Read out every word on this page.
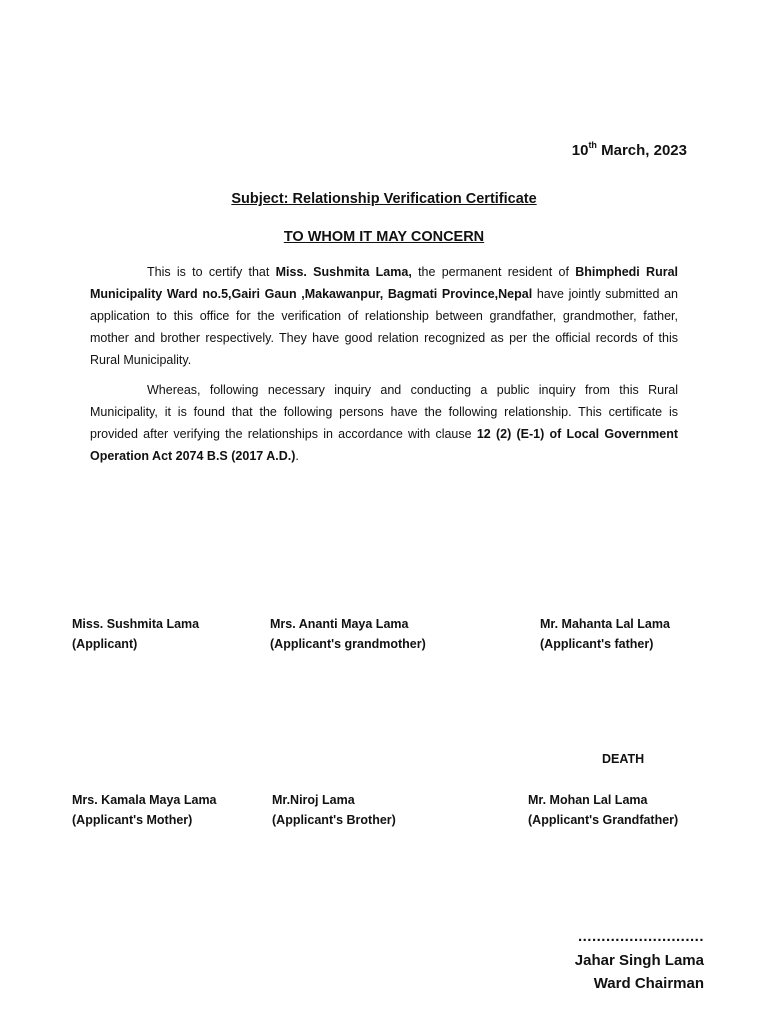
10th March, 2023
Subject: Relationship Verification Certificate
TO WHOM IT MAY CONCERN

This is to certify that Miss. Sushmita Lama, the permanent resident of Bhimphedi Rural Municipality Ward no.5,Gairi Gaun ,Makawanpur, Bagmati Province,Nepal have jointly submitted an application to this office for the verification of relationship between grandfather, grandmother, father, mother and brother respectively. They have good relation recognized as per the official records of this Rural Municipality.

Whereas, following necessary inquiry and conducting a public inquiry from this Rural Municipality, it is found that the following persons have the following relationship. This certificate is provided after verifying the relationships in accordance with clause 12 (2) (E-1) of Local Government Operation Act 2074 B.S (2017 A.D.).

Miss. Sushmita Lama
(Applicant)
Mrs. Ananti Maya Lama
(Applicant's grandmother)
Mr. Mahanta Lal Lama
(Applicant's father)
DEATH
Mrs. Kamala Maya Lama
(Applicant's Mother)
Mr.Niroj Lama
(Applicant's Brother)
Mr. Mohan Lal Lama
(Applicant's Grandfather)
...........................
Jahar Singh Lama
Ward Chairman
